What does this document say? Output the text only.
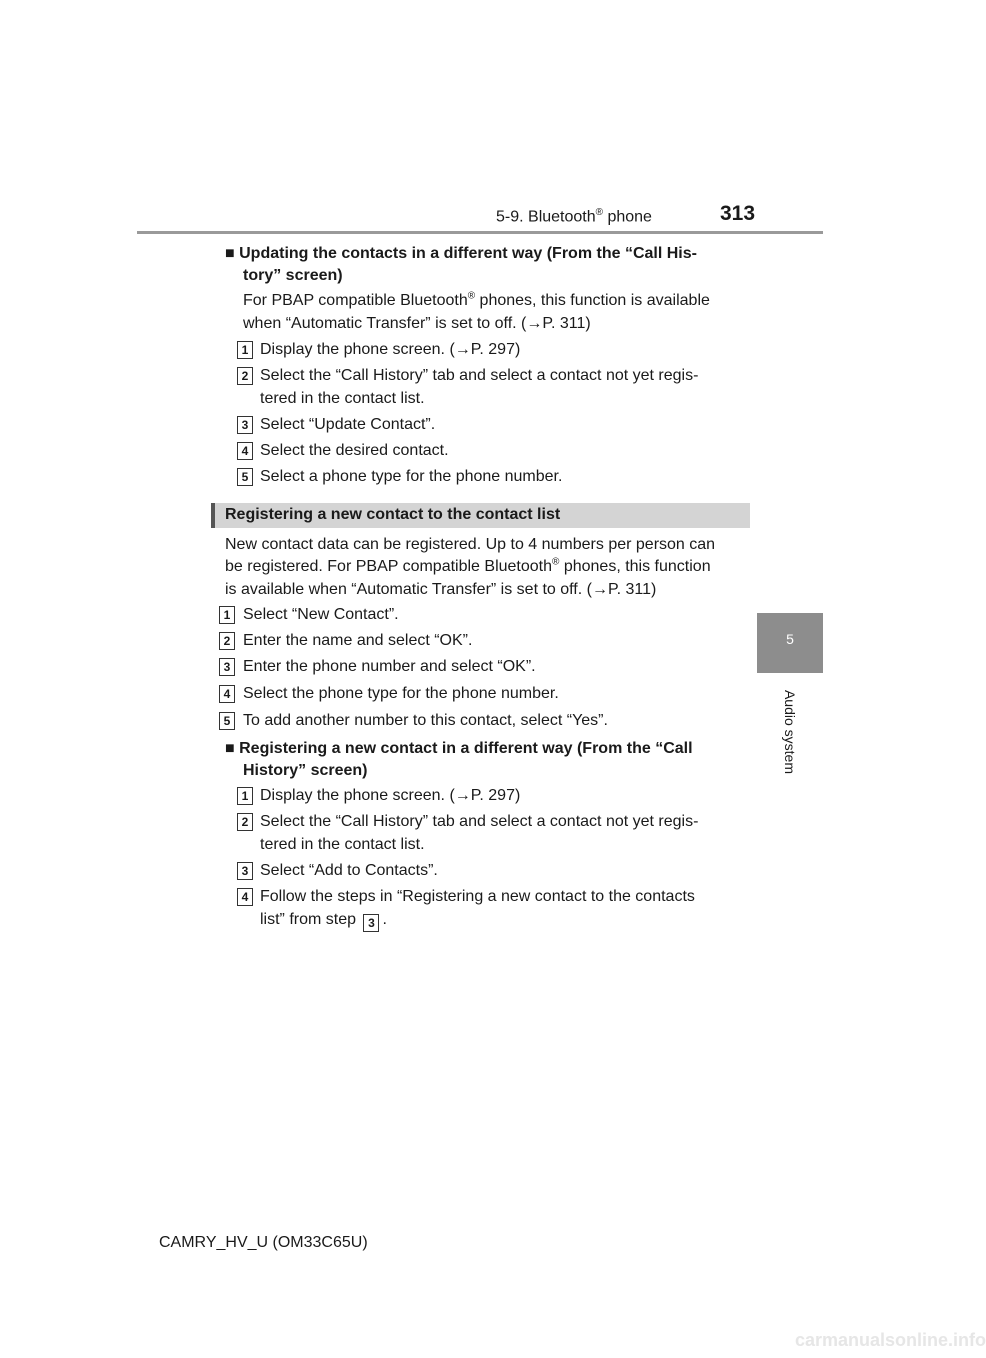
5-9. Bluetooth® phone	313
5
Audio system
■ Updating the contacts in a different way (From the “Call His-
tory” screen)
For PBAP compatible Bluetooth® phones, this function is available
when “Automatic Transfer” is set to off. (→P. 311)
1 Display the phone screen. (→P. 297)
2 Select the “Call History” tab and select a contact not yet regis-
tered in the contact list.
3 Select “Update Contact”.
4 Select the desired contact.
5 Select a phone type for the phone number.
Registering a new contact to the contact list
New contact data can be registered. Up to 4 numbers per person can
be registered. For PBAP compatible Bluetooth® phones, this function
is available when “Automatic Transfer” is set to off. (→P. 311)
1 Select “New Contact”.
2 Enter the name and select “OK”.
3 Enter the phone number and select “OK”.
4 Select the phone type for the phone number.
5 To add another number to this contact, select “Yes”.
■ Registering a new contact in a different way (From the “Call
History” screen)
1 Display the phone screen. (→P. 297)
2 Select the “Call History” tab and select a contact not yet regis-
tered in the contact list.
3 Select “Add to Contacts”.
4 Follow the steps in “Registering a new contact to the contacts
list” from step 3 .
CAMRY_HV_U (OM33C65U)
carmanualsonline.info
